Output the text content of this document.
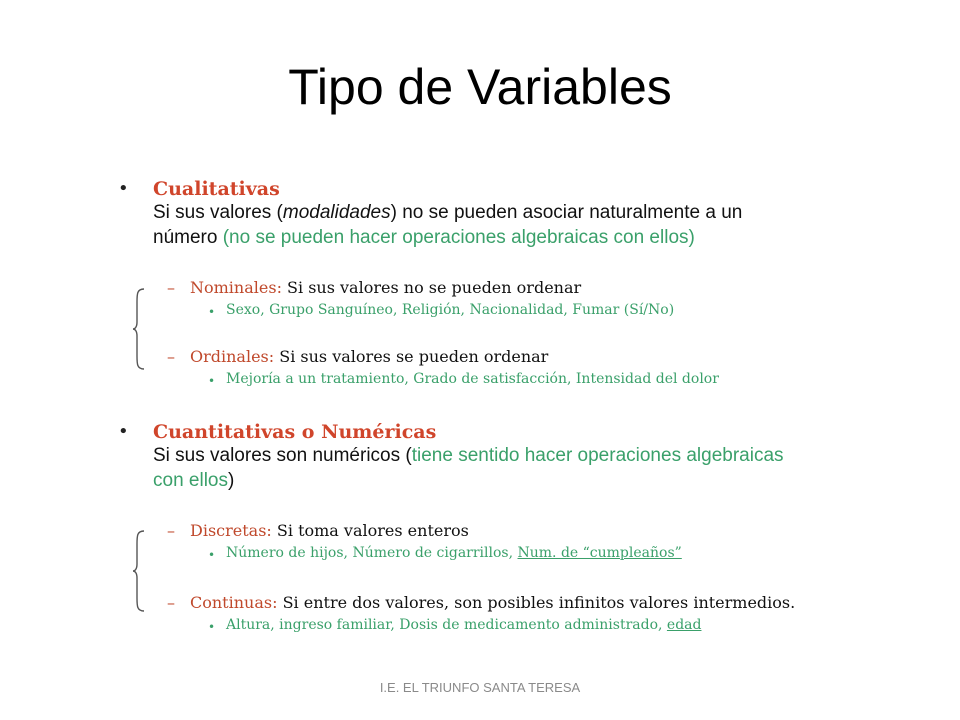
Tipo de Variables
• Cualitativas
Si sus valores (modalidades) no se pueden asociar naturalmente a un
número (no se pueden hacer operaciones algebraicas con ellos)
– Nominales: Si sus valores no se pueden ordenar
• Sexo, Grupo Sanguíneo, Religión, Nacionalidad, Fumar (Sí/No)
– Ordinales: Si sus valores se pueden ordenar
• Mejoría a un tratamiento, Grado de satisfacción, Intensidad del dolor
• Cuantitativas o Numéricas
Si sus valores son numéricos (tiene sentido hacer operaciones algebraicas
con ellos)
– Discretas: Si toma valores enteros
• Número de hijos, Número de cigarrillos, Num. de “cumpleaños”
– Continuas: Si entre dos valores, son posibles infinitos valores intermedios.
• Altura, ingreso familiar, Dosis de medicamento administrado, edad
I.E. EL TRIUNFO SANTA TERESA
